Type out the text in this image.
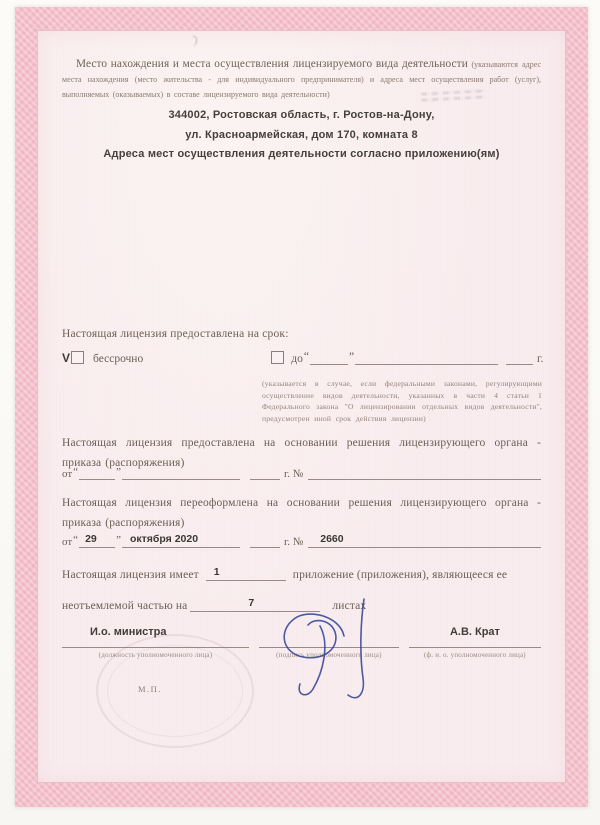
Место нахождения и места осуществления лицензируемого вида деятельности (указываются адрес места нахождения (место жительства - для индивидуального предпринимателя) и адреса мест осуществления работ (услуг), выполняемых (оказываемых) в составе лицензируемого вида деятельности)

344002, Ростовская область, г. Ростов-на-Дону,
ул. Красноармейская, дом 170, комната 8
Адреса мест осуществления деятельности согласно приложению(ям)
Настоящая лицензия предоставлена на срок:
V бессрочно	до “	”	г.

(указывается в случае, если федеральными законами, регулирующими осуществление видов деятельности, указанных в части 4 статьи 1 Федерального закона "О лицензировании отдельных видов деятельности", предусмотрен иной срок действия лицензии)

Настоящая лицензия предоставлена на основании решения лицензирующего органа - приказа (распоряжения)

от “	”	г. №

Настоящая лицензия переоформлена на основании решения лицензирующего органа - приказа (распоряжения)

от “ 29 ” октября 2020	г. № 2660
Настоящая лицензия имеет 1	приложение (приложения), являющееся ее
неотъемлемой частью на	7	листах
И.о. министра
(должность уполномоченного лица)	(подпись уполномоченного лица)
А.В. Крат
(ф. и. о. уполномоченного лица)
М.П.
